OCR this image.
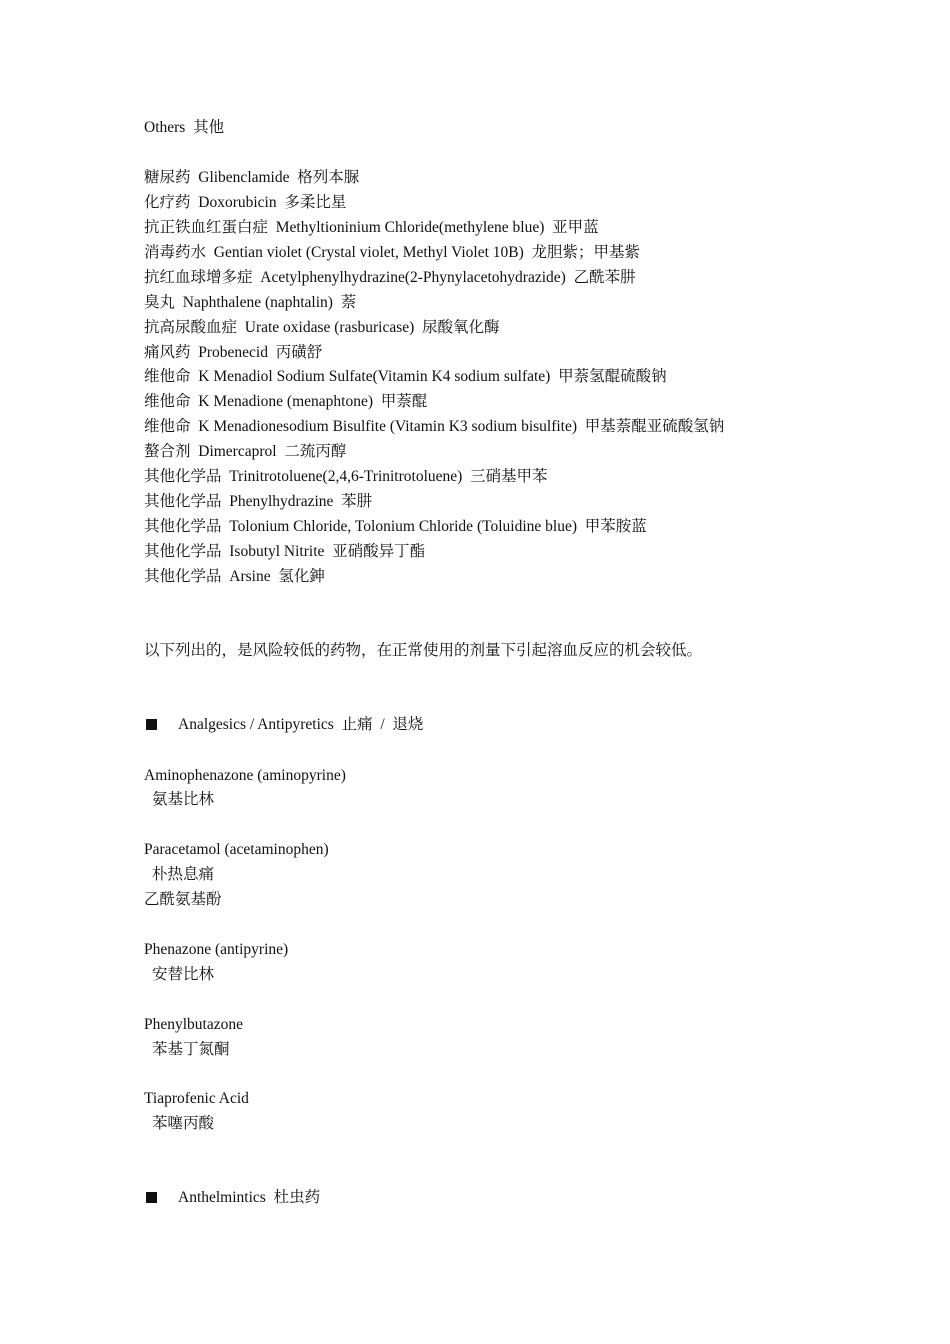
Others  其他
糖尿药  Glibenclamide  格列本脲
化疗药  Doxorubicin  多柔比星
抗正铁血红蛋白症  Methyltioninium Chloride(methylene blue)  亚甲蓝
消毒药水  Gentian violet (Crystal violet, Methyl Violet 10B)  龙胆紫；甲基紫
抗红血球增多症  Acetylphenylhydrazine(2-Phynylacetohydrazide)  乙酰苯肼
臭丸  Naphthalene (naphtalin)  萘
抗高尿酸血症  Urate oxidase (rasburicase)  尿酸氧化酶
痛风药  Probenecid  丙磺舒
维他命  K Menadiol Sodium Sulfate(Vitamin K4 sodium sulfate)  甲萘氢醌硫酸钠
维他命  K Menadione (menaphtone)  甲萘醌
维他命  K Menadionesodium Bisulfite (Vitamin K3 sodium bisulfite)  甲基萘醌亚硫酸氢钠
螯合剂  Dimercaprol  二巯丙醇
其他化学品  Trinitrotoluene(2,4,6-Trinitrotoluene)  三硝基甲苯
其他化学品  Phenylhydrazine  苯肼
其他化学品  Tolonium Chloride, Tolonium Chloride (Toluidine blue)  甲苯胺蓝
其他化学品  Isobutyl Nitrite  亚硝酸异丁酯
其他化学品  Arsine  氢化鉮
以下列出的，是风险较低的药物，在正常使用的剂量下引起溶血反应的机会较低。
Analgesics / Antipyretics  止痛  /  退烧
Aminophenazone (aminopyrine)
氨基比林
Paracetamol (acetaminophen)
朴热息痛
乙酰氨基酚
Phenazone (antipyrine)
安替比林
Phenylbutazone
苯基丁氮酮
Tiaprofenic Acid
苯噻丙酸
Anthelmintics  杜虫药
